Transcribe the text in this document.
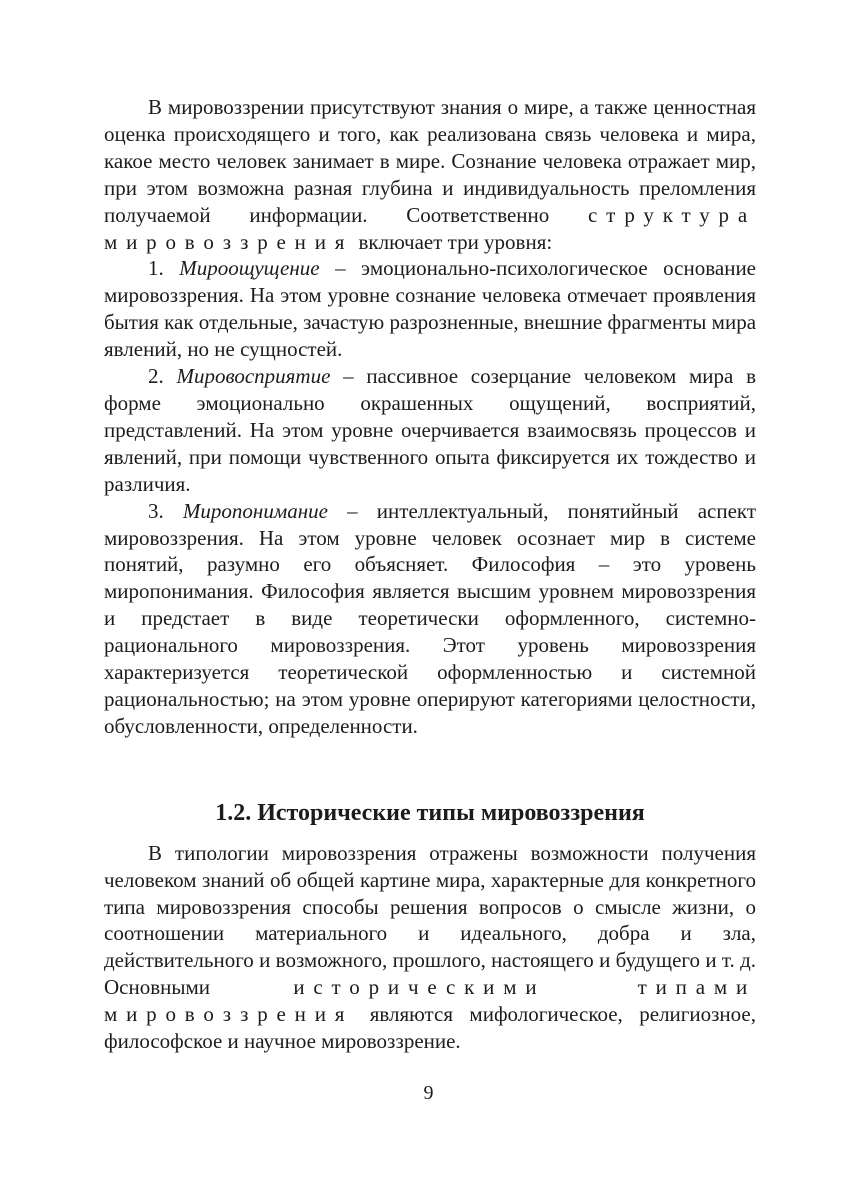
В мировоззрении присутствуют знания о мире, а также ценностная оценка происходящего и того, как реализована связь человека и мира, какое место человек занимает в мире. Сознание человека отражает мир, при этом возможна разная глубина и индивидуальность преломления получаемой информации. Соответственно структура мировоззрения включает три уровня:

1. Мироощущение – эмоционально-психологическое основание мировоззрения. На этом уровне сознание человека отмечает проявления бытия как отдельные, зачастую разрозненные, внешние фрагменты мира явлений, но не сущностей.

2. Мировосприятие – пассивное созерцание человеком мира в форме эмоционально окрашенных ощущений, восприятий, представлений. На этом уровне очерчивается взаимосвязь процессов и явлений, при помощи чувственного опыта фиксируется их тождество и различия.

3. Миропонимание – интеллектуальный, понятийный аспект мировоззрения. На этом уровне человек осознает мир в системе понятий, разумно его объясняет. Философия – это уровень миропонимания. Философия является высшим уровнем мировоззрения и предстает в виде теоретически оформленного, системно-рационального мировоззрения. Этот уровень мировоззрения характеризуется теоретической оформленностью и системной рациональностью; на этом уровне оперируют категориями целостности, обусловленности, определенности.

1.2. Исторические типы мировоззрения

В типологии мировоззрения отражены возможности получения человеком знаний об общей картине мира, характерные для конкретного типа мировоззрения способы решения вопросов о смысле жизни, о соотношении материального и идеального, добра и зла, действительного и возможного, прошлого, настоящего и будущего и т. д. Основными историческими типами мировоззрения являются мифологическое, религиозное, философское и научное мировоззрение.

9
